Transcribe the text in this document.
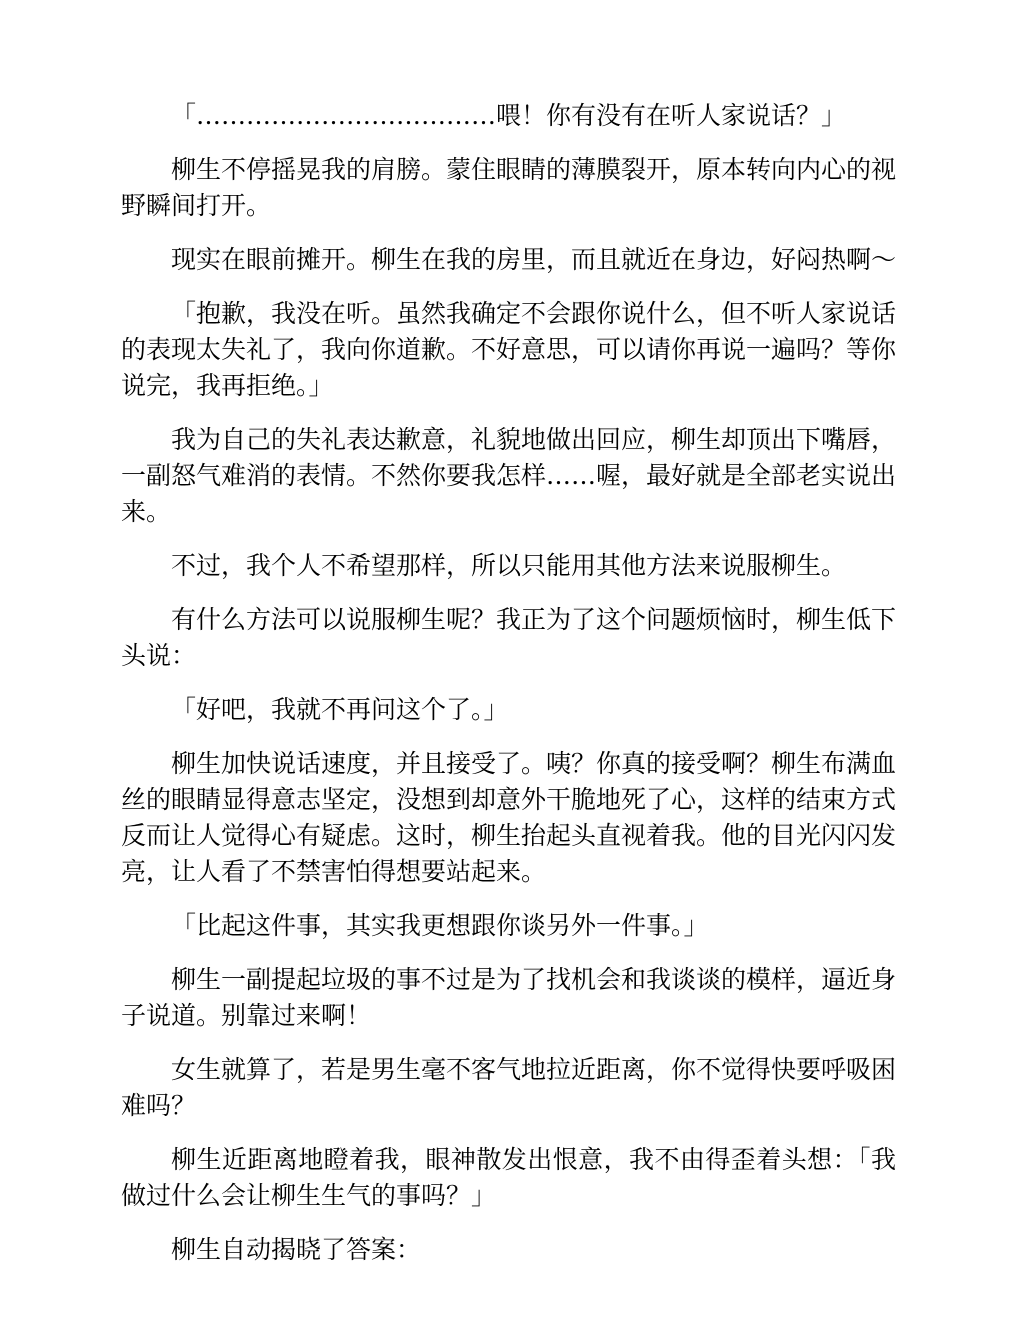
「………………………………喂！你有没有在听人家说话？」

柳生不停摇晃我的肩膀。蒙住眼睛的薄膜裂开，原本转向内心的视野瞬间打开。

现实在眼前摊开。柳生在我的房里，而且就近在身边，好闷热啊～

「抱歉，我没在听。虽然我确定不会跟你说什么，但不听人家说话的表现太失礼了，我向你道歉。不好意思，可以请你再说一遍吗？等你说完，我再拒绝。」

我为自己的失礼表达歉意，礼貌地做出回应，柳生却顶出下嘴唇，一副怒气难消的表情。不然你要我怎样……喔，最好就是全部老实说出来。

不过，我个人不希望那样，所以只能用其他方法来说服柳生。

有什么方法可以说服柳生呢？我正为了这个问题烦恼时，柳生低下头说：

「好吧，我就不再问这个了。」

柳生加快说话速度，并且接受了。咦？你真的接受啊？柳生布满血丝的眼睛显得意志坚定，没想到却意外干脆地死了心，这样的结束方式反而让人觉得心有疑虑。这时，柳生抬起头直视着我。他的目光闪闪发亮，让人看了不禁害怕得想要站起来。

「比起这件事，其实我更想跟你谈另外一件事。」

柳生一副提起垃圾的事不过是为了找机会和我谈谈的模样，逼近身子说道。别靠过来啊！

女生就算了，若是男生毫不客气地拉近距离，你不觉得快要呼吸困难吗？

柳生近距离地瞪着我，眼神散发出恨意，我不由得歪着头想：「我做过什么会让柳生生气的事吗？」

柳生自动揭晓了答案：
